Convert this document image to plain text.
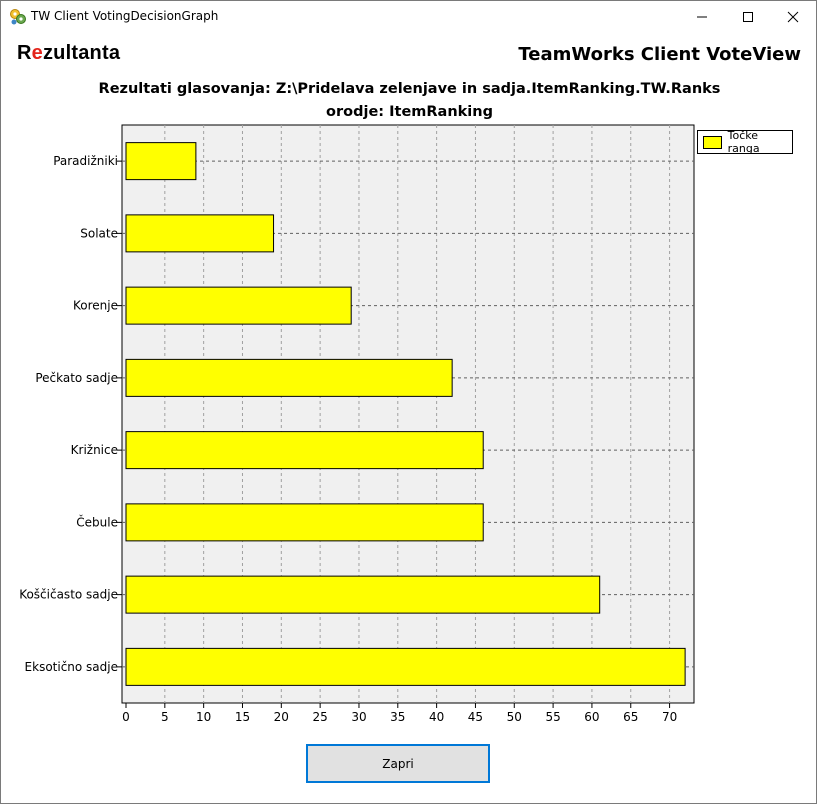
TW Client VotingDecisionGraph
Rezultanta	TeamWorks Client VoteView
Rezultati glasovanja: Z:\Pridelava zelenjave in sadja.ItemRanking.TW.Ranks
orodje: ItemRanking
Paradižniki
Solate
Korenje
Pečkato sadje
Križnice
Čebule
Koščičasto sadje
Eksotično sadje
0	5 10 15 20 25 30 35 40 45 50 55 60 65 70
Točke ranga
Zapri
